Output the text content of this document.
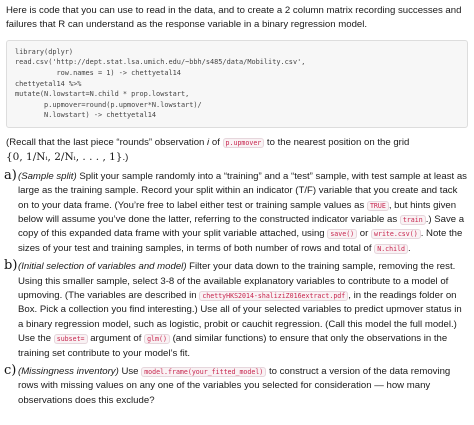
Here is code that you can use to read in the data, and to create a 2 column matrix recording successes and failures that R can understand as the response variable in a binary regression model.

library(dplyr)
read.csv('http://dept.stat.lsa.umich.edu/~bbh/s485/data/Mobility.csv',
row.names = 1) -> chettyetal14
chettyetal14 %>%
mutate(N.lowstart=N.child * prop.lowstart,
p.upmover=round(p.upmover*N.lowstart)/
N.lowstart) -> chettyetal14

(Recall that the last piece “rounds” observation i of p.upmover to the nearest position on the grid
{0, 1/Nᵢ, 2/Nᵢ, . . . , 1}.)

a) (Sample split) Split your sample randomly into a “training” and a “test” sample, with test sample at least as large as the training sample. Record your split within an indicator (T/F) variable that you create and tack on to your data frame. (You’re free to label either test or training sample values as TRUE , but hints given below will assume you’ve done the latter, referring to the constructed indicator variable as train .) Save a copy of this expanded data frame with your split variable attached, using save() or write.csv() . Note the sizes of your test and training samples, in terms of both number of rows and total of N.child .

b) (Initial selection of variables and model) Filter your data down to the training sample, removing the rest. Using this smaller sample, select 3-8 of the available explanatory variables to contribute to a model of upmoving. (The variables are described in chettyHKS2014-shaliziZ016extract.pdf , in the readings folder on Box. Pick a collection you find interesting.) Use all of your selected variables to predict upmover status in a binary regression model, such as logistic, probit or cauchit regression. (Call this model the full model.) Use the subset= argument of glm() (and similar functions) to ensure that only the observations in the training set contribute to your model’s fit.

c) (Missingness inventory) Use model.frame(your_fitted_model) to construct a version of the data removing rows with missing values on any one of the variables you selected for consideration — how many observations does this exclude?
